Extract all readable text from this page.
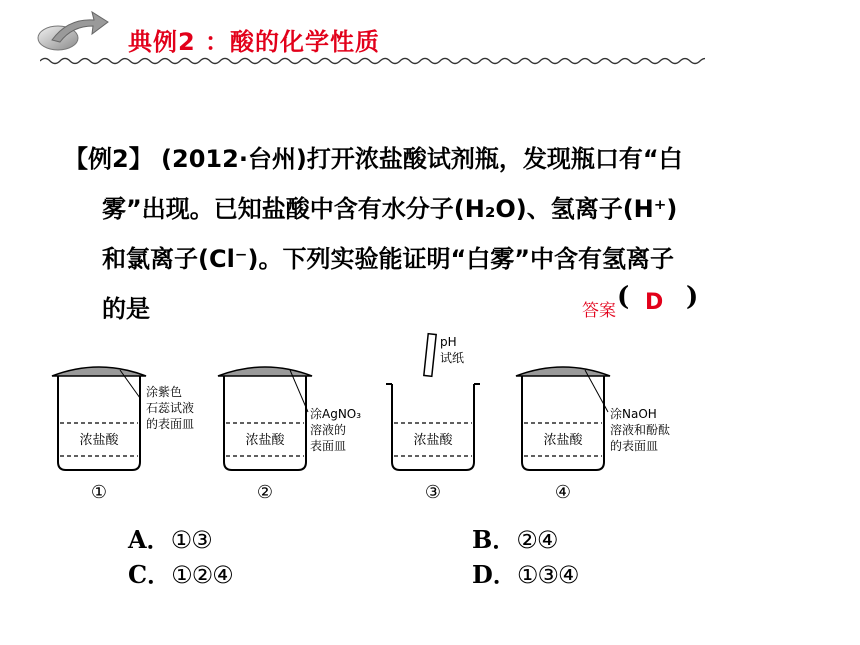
典例2 ：酸的化学性质
【例2】 (2012·台州)打开浓盐酸试剂瓶，发现瓶口有“白
雾”出现。已知盐酸中含有水分子(H₂O)、氢离子(H⁺)
和氯离子(Cl⁻)。下列实验能证明“白雾”中含有氢离子
的是	答案 ( D )
浓盐酸
涂紫色
石蕊试液
的表面皿
①
浓盐酸
涂AgNO₃
溶液的
表面皿
②
浓盐酸
pH
试纸
③
浓盐酸
涂NaOH
溶液和酚酞
的表面皿
④
A．①③	B．②④
C．①②④	D．①③④
